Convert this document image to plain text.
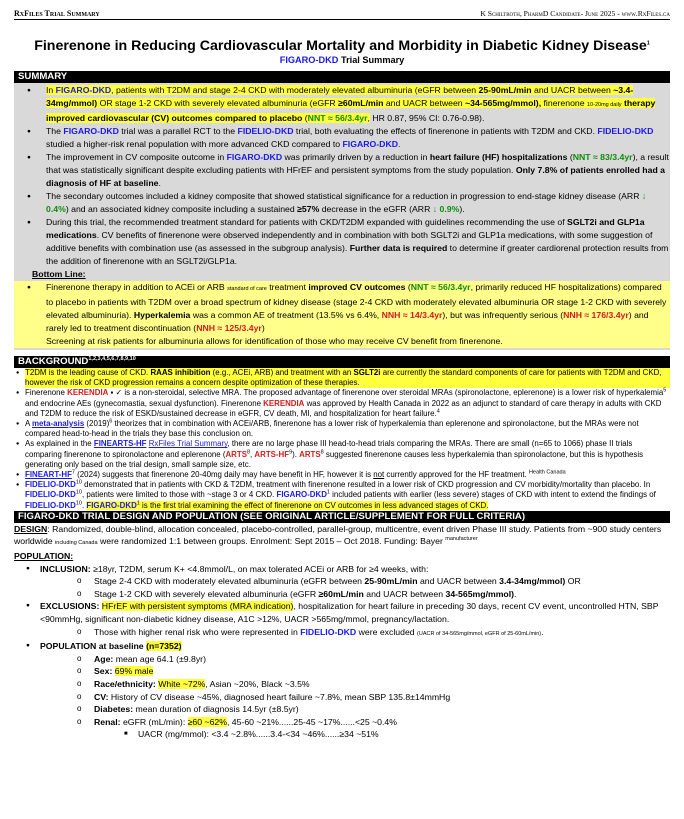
RxFiles Trial Summary	K Schiltroth, PharmD Candidate- June 2025 - www.RxFiles.ca
Finerenone in Reducing Cardiovascular Mortality and Morbidity in Diabetic Kidney Disease$^1$
FIGARO-DKD Trial Summary
SUMMARY
● In FIGARO-DKD, patients with T2DM and stage 2-4 CKD with moderately elevated albuminuria (eGFR between 25-90mL/min and UACR between ~3.4-34mg/mmol) OR stage 1-2 CKD with severely elevated albuminuria (eGFR ≥60mL/min and UACR between ~34-565mg/mmol), finerenone 10-20mg daily therapy improved cardiovascular (CV) outcomes compared to placebo (NNT ≈ 56/3.4yr, HR 0.87, 95% CI: 0.76-0.98).
● The FIGARO-DKD trial was a parallel RCT to the FIDELIO-DKD trial, both evaluating the effects of finerenone in patients with T2DM and CKD. FIDELIO-DKD studied a higher-risk renal population with more advanced CKD compared to FIGARO-DKD.
● The improvement in CV composite outcome in FIGARO-DKD was primarily driven by a reduction in heart failure (HF) hospitalizations (NNT ≈ 83/3.4yr), a result that was statistically significant despite excluding patients with HFrEF and persistent symptoms from the study population. Only 7.8% of patients enrolled had a diagnosis of HF at baseline.
● The secondary outcomes included a kidney composite that showed statistical significance for a reduction in progression to end-stage kidney disease (ARR ↓ 0.4%) and an associated kidney composite including a sustained ≥57% decrease in the eGFR (ARR ↓ 0.9%).
● During this trial, the recommended treatment standard for patients with CKD/T2DM expanded with guidelines recommending the use of SGLT2i and GLP1a medications. CV benefits of finerenone were observed independently and in combination with both SGLT2i and GLP1a medications, with some suggestion of additive benefits with combination use (as assessed in the subgroup analysis). Further data is required to determine if greater cardiorenal protection results from the addition of finerenone with an SGLT2i/GLP1a.
Bottom Line:
● Finerenone therapy in addition to ACEi or ARB standard of care treatment improved CV outcomes (NNT ≈ 56/3.4yr, primarily reduced HF hospitalizations) compared to placebo in patients with T2DM over a broad spectrum of kidney disease (stage 2-4 CKD with moderately elevated albuminuria OR stage 1-2 CKD with severely elevated albuminuria). Hyperkalemia was a common AE of treatment (13.5% vs 6.4%, NNH ≈ 14/3.4yr), but was infrequently serious (NNH ≈ 176/3.4yr) and rarely led to treatment discontinuation (NNH ≈ 125/3.4yr)
Screening at risk patients for albuminuria allows for identification of those who may receive CV benefit from finerenone.
BACKGROUND$^{1,2,3,4,5,6,7,8,9,10}$
● T2DM is the leading cause of CKD. RAAS inhibition (e.g., ACEi, ARB) and treatment with an SGLT2i are currently the standard components of care for patients with T2DM and CKD, however the risk of CKD progression remains a concern despite optimization of these therapies.
● Finerenone KERENDIA ▪ ✓ is a non-steroidal, selective MRA. The proposed advantage of finerenone over steroidal MRAs (spironolactone, eplerenone) is a lower risk of hyperkalemia$^5$ and endocrine AEs (gynecomastia, sexual dysfunction). Finerenone KERENDIA was approved by Health Canada in 2022 as an adjunct to standard of care therapy in adults with CKD and T2DM to reduce the risk of ESKD/sustained decrease in eGFR, CV death, MI, and hospitalization for heart failure.$^4$
● A meta-analysis $(2019)^6$ theorizes that in combination with ACEi/ARB, finerenone has a lower risk of hyperkalemia than eplerenone and spironolactone, but the MRAs were not compared head-to-head in the trials they base this conclusion on.
● As explained in the FINEARTS-HF RxFiles Trial Summary, there are no large phase III head-to-head trials comparing the MRAs. There are small (n=65 to 1066) phase II trials comparing finerenone to spironolactone and eplerenone (ARTS$^8$, ARTS-$HF^9$). ARTS$^8$ suggested finerenone causes less hyperkalemia than spironolactone, but this is hypothesis generating only based on the trial design, small sample size, etc.
● FINEART-$HF^7$ (2024) suggests that finerenone 20-40mg daily may have benefit in HF, however it is not currently approved for the HF treatment. $^{Health Canada}$
● FIDELIO-DKD$^{10}$ demonstrated that in patients with CKD & T2DM, treatment with finerenone resulted in a lower risk of CKD progression and CV morbidity/mortality than placebo. In FIDELIO-DKD$^{10}$, patients were limited to those with ~stage 3 or 4 CKD. FIGARO-DKD$^1$ included patients with earlier (less severe) stages of CKD with intent to extend the findings of FIDELIO-DKD$^{10}$. FIGARO-DKD$^1$ is the first trial examining the effect of finerenone on CV outcomes in less advanced stages of CKD.
FIGARO-DKD TRIAL DESIGN AND POPULATION (SEE ORIGINAL ARTICLE/SUPPLEMENT FOR FULL CRITERIA)
DESIGN: Randomized, double-blind, allocation concealed, placebo-controlled, parallel-group, multicentre, event driven Phase III study. Patients from ~900 study centers worldwide including Canada were randomized 1:1 between groups. Enrolment: Sept 2015 – Oct 2018. Funding: Bayer $^{manufacturer}$
POPULATION:
● INCLUSION: ≥18yr, T2DM, serum K+ <4.8mmol/L, on max tolerated ACEi or ARB for ≥4 weeks, with:
o Stage 2-4 CKD with moderately elevated albuminuria (eGFR between 25-90mL/min and UACR between 3.4-34mg/mmol) OR
o Stage 1-2 CKD with severely elevated albuminuria (eGFR ≥60mL/min and UACR between 34-565mg/mmol).
● EXCLUSIONS: HFrEF with persistent symptoms (MRA indication), hospitalization for heart failure in preceding 30 days, recent CV event, uncontrolled HTN, SBP <90mmHg, significant non-diabetic kidney disease, A1C >12%, UACR >565mg/mmol, pregnancy/lactation.
o Those with higher renal risk who were represented in FIDELIO-DKD were excluded (UACR of 34-565mg/mmol, eGFR of 25-60mL/min).
● POPULATION at baseline (n=7352)
o Age: mean age 64.1 (±9.8yr)
o Sex: 69% male
o Race/ethnicity: White ~72%, Asian ~20%, Black ~3.5%
o CV: History of CV disease ~45%, diagnosed heart failure ~7.8%, mean SBP 135.8±14mmHg
o Diabetes: mean duration of diagnosis 14.5yr (±8.5yr)
o Renal: eGFR (mL/min): ≥60 ~62%, 45-60 ~21%......25-45 ~17%......<25 ~0.4%
■ UACR (mg/mmol): <3.4 ~2.8%......3.4-<34 ~46%......≥34 ~51%
